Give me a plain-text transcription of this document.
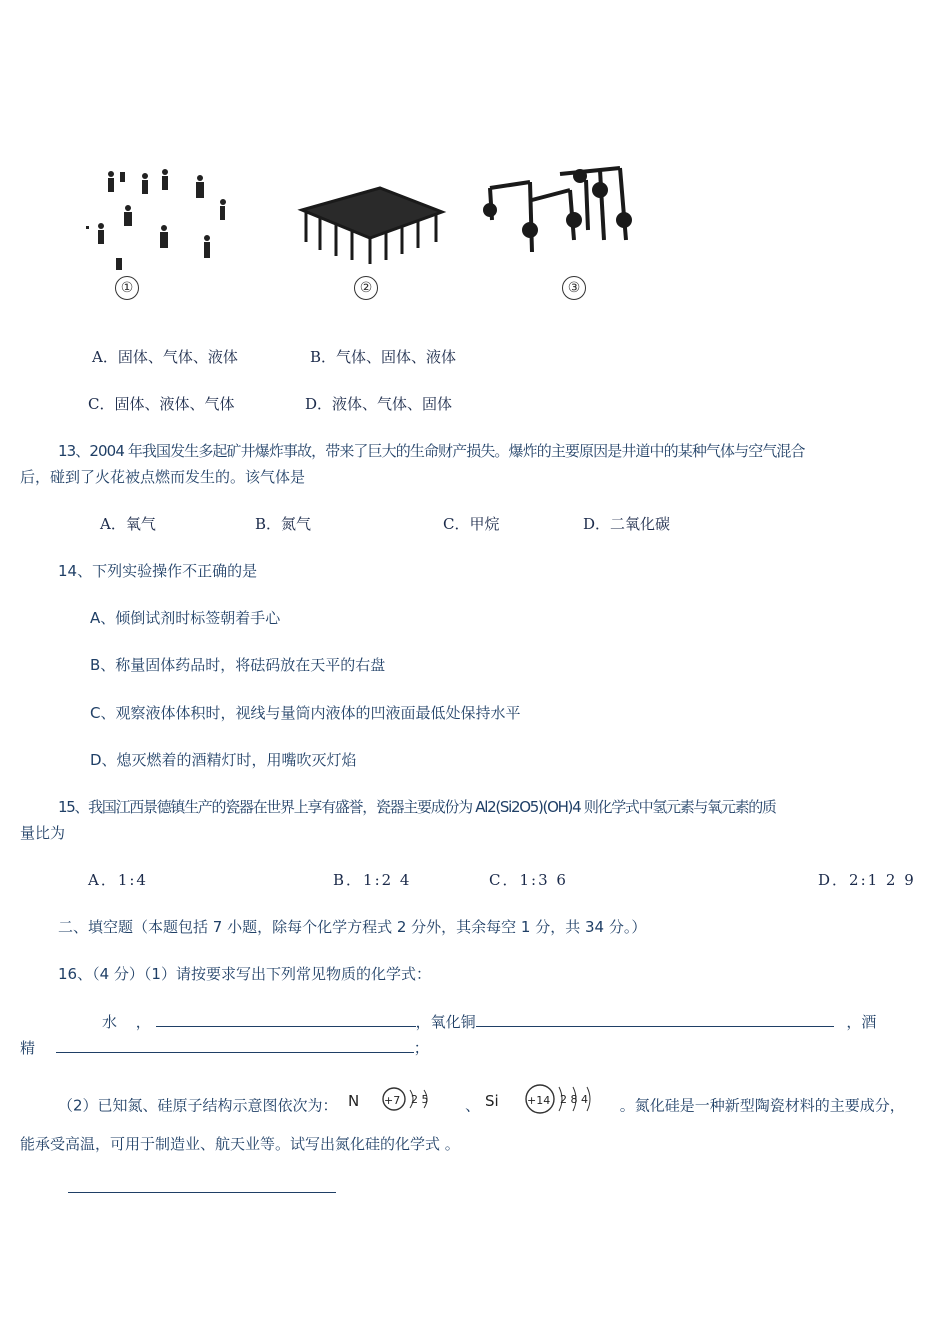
①	②	③
A．固体、气体、液体	B．气体、固体、液体
C．固体、液体、气体	D．液体、气体、固体
13、2004 年我国发生多起矿井爆炸事故，带来了巨大的生命财产损失。爆炸的主要原因是井道中的某种气体与空气混合
后，碰到了火花被点燃而发生的。该气体是
A．氧气	B．氮气	C．甲烷	D．二氧化碳
14、下列实验操作不正确的是
A、倾倒试剂时标签朝着手心
B、称量固体药品时，将砝码放在天平的右盘
C、观察液体体积时，视线与量筒内液体的凹液面最低处保持水平
D、熄灭燃着的酒精灯时，用嘴吹灭灯焰
15、我国江西景德镇生产的瓷器在世界上享有盛誉，瓷器主要成份为 Al2(Si2O5)(OH)4 则化学式中氢元素与氧元素的质
量比为
A．1:4	B．1:2 4	C．1:3 6	D．2:1 2 9
二、填空题（本题包括 7 小题，除每个化学方程式 2 分外，其余每空 1 分，共 34 分。）
16、（4 分）（1）请按要求写出下列常见物质的化学式：
水 ，	，氧化铜	，酒
精	；
（2）已知氮、硅原子结构示意图依次为： N +7 2 5 、 Si	+14 2 8 4 。氮化硅是一种新型陶瓷材料的主要成分，
能承受高温，可用于制造业、航天业等。试写出氮化硅的化学式 。
